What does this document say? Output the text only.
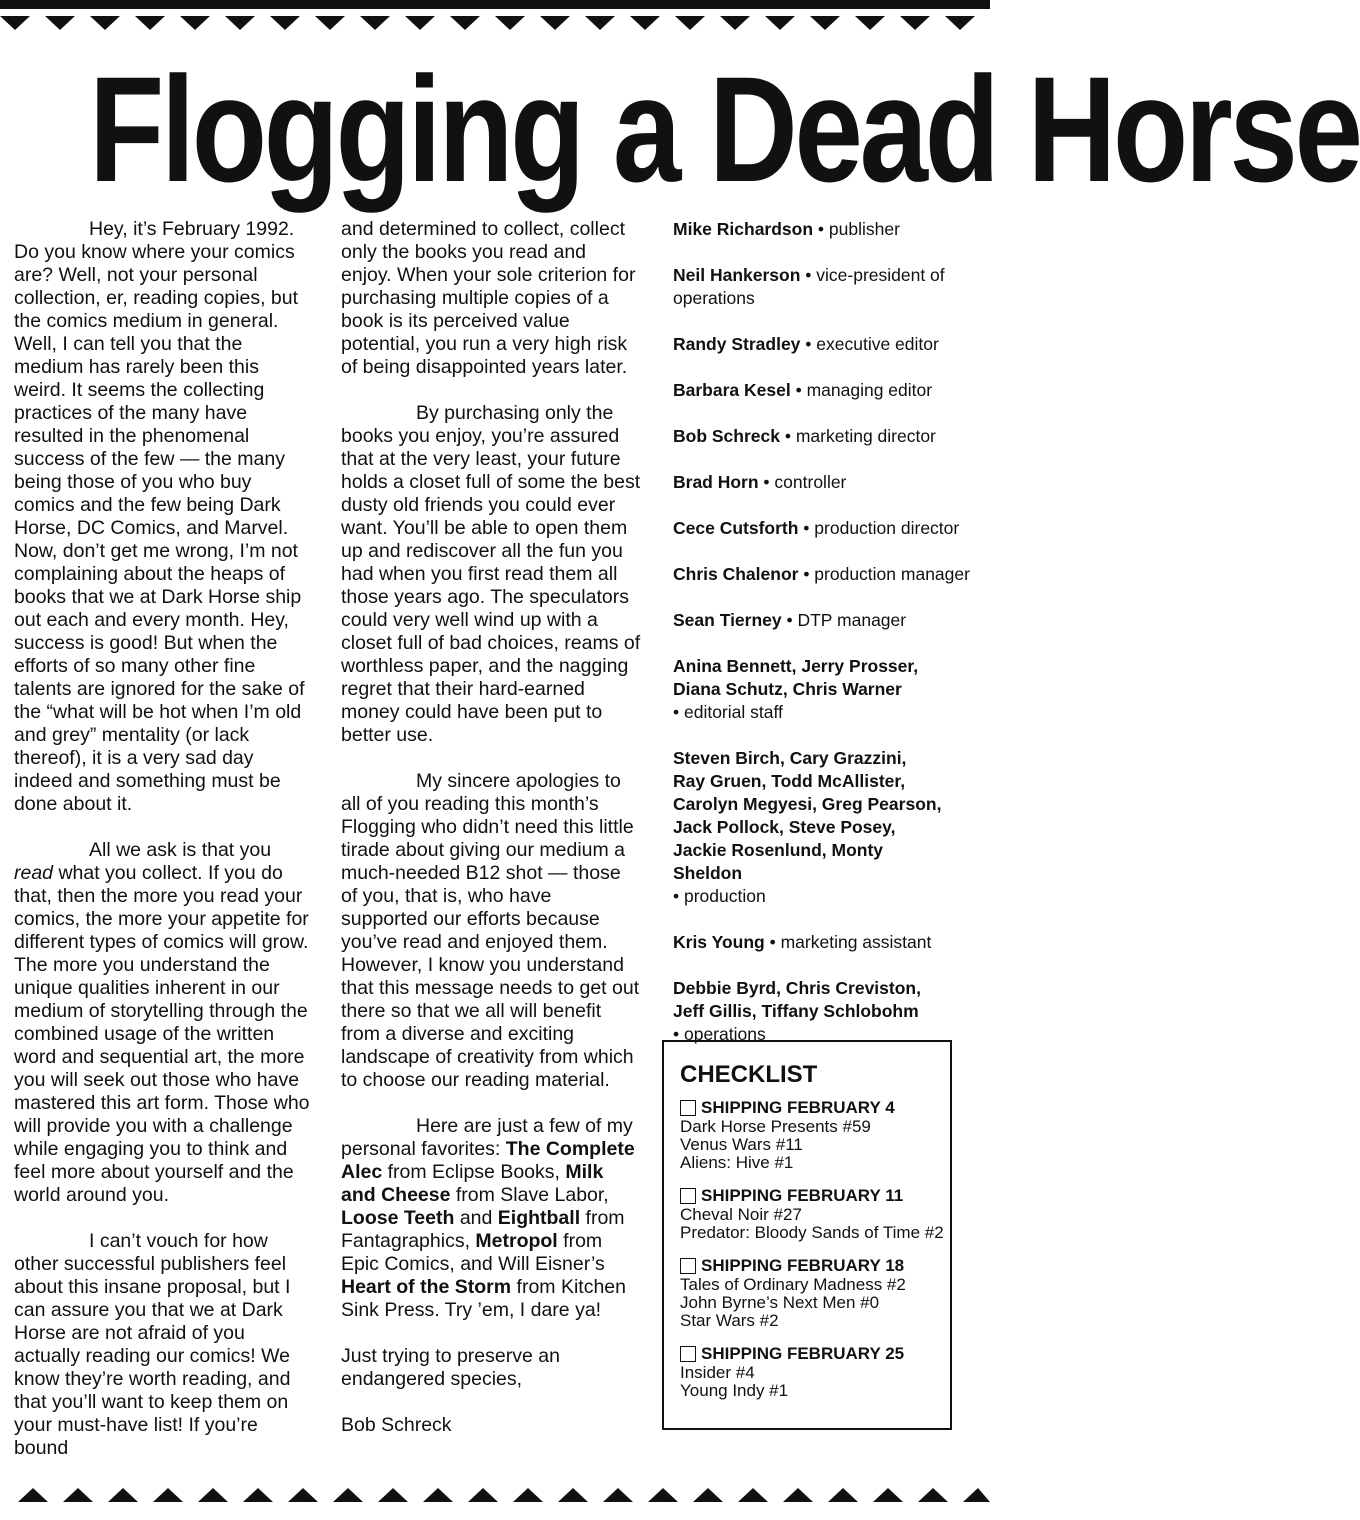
Flogging a Dead Horse

Hey, it’s February 1992. Do you know where your comics are? Well, not your personal collection, er, reading copies, but the comics medium in general. Well, I can tell you that the medium has rarely been this weird. It seems the collecting practices of the many have resulted in the phenomenal success of the few — the many being those of you who buy comics and the few being Dark Horse, DC Comics, and Marvel. Now, don’t get me wrong, I’m not complaining about the heaps of books that we at Dark Horse ship out each and every month. Hey, success is good! But when the efforts of so many other fine talents are ignored for the sake of the “what will be hot when I’m old and grey” mentality (or lack thereof), it is a very sad day indeed and something must be done about it.

All we ask is that you read what you collect. If you do that, then the more you read your comics, the more your appetite for different types of comics will grow. The more you understand the unique qualities inherent in our medium of storytelling through the combined usage of the written word and sequential art, the more you will seek out those who have mastered this art form. Those who will provide you with a challenge while engaging you to think and feel more about yourself and the world around you.

I can’t vouch for how other successful publishers feel about this insane proposal, but I can assure you that we at Dark Horse are not afraid of you actually reading our comics! We know they’re worth reading, and that you’ll want to keep them on your must-have list! If you’re bound

and determined to collect, collect only the books you read and enjoy. When your sole criterion for purchasing multiple copies of a book is its perceived value potential, you run a very high risk of being disappointed years later.

By purchasing only the books you enjoy, you’re assured that at the very least, your future holds a closet full of some the best dusty old friends you could ever want. You’ll be able to open them up and rediscover all the fun you had when you first read them all those years ago. The speculators could very well wind up with a closet full of bad choices, reams of worthless paper, and the nagging regret that their hard-earned money could have been put to better use.

My sincere apologies to all of you reading this month’s Flogging who didn’t need this little tirade about giving our medium a much-needed B12 shot — those of you, that is, who have supported our efforts because you’ve read and enjoyed them. However, I know you understand that this message needs to get out there so that we all will benefit from a diverse and exciting landscape of creativity from which to choose our reading material.

Here are just a few of my personal favorites: The Complete Alec from Eclipse Books, Milk and Cheese from Slave Labor, Loose Teeth and Eightball from Fantagraphics, Metropol from Epic Comics, and Will Eisner’s Heart of the Storm from Kitchen Sink Press. Try ’em, I dare ya!

Just trying to preserve an endangered species,

Bob Schreck

Mike Richardson • publisher
Neil Hankerson • vice-president of operations
Randy Stradley • executive editor
Barbara Kesel • managing editor
Bob Schreck • marketing director
Brad Horn • controller
Cece Cutsforth • production director
Chris Chalenor • production manager
Sean Tierney • DTP manager
Anina Bennett, Jerry Prosser, Diana Schutz, Chris Warner
• editorial staff
Steven Birch, Cary Grazzini, Ray Gruen, Todd McAllister, Carolyn Megyesi, Greg Pearson, Jack Pollock, Steve Posey, Jackie Rosenlund, Monty Sheldon
• production
Kris Young • marketing assistant
Debbie Byrd, Chris Creviston, Jeff Gillis, Tiffany Schlobohm
• operations
CHECKLIST
SHIPPING FEBRUARY 4
Dark Horse Presents #59
Venus Wars #11
Aliens: Hive #1
SHIPPING FEBRUARY 11
Cheval Noir #27
Predator: Bloody Sands of Time #2
SHIPPING FEBRUARY 18
Tales of Ordinary Madness #2
John Byrne’s Next Men #0
Star Wars #2
SHIPPING FEBRUARY 25
Insider #4
Young Indy #1
